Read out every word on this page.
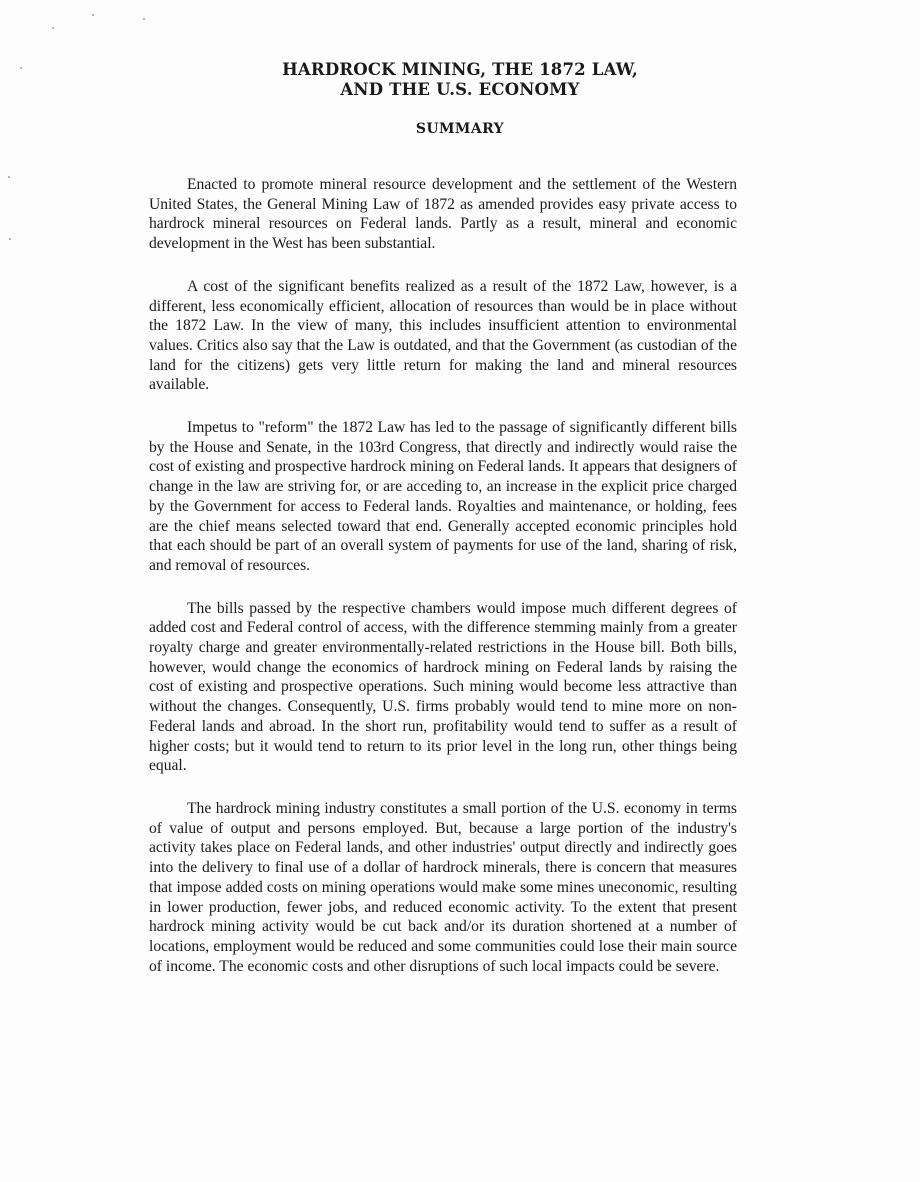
HARDROCK MINING, THE 1872 LAW,
AND THE U.S. ECONOMY
SUMMARY

Enacted to promote mineral resource development and the settlement of the Western United States, the General Mining Law of 1872 as amended provides easy private access to hardrock mineral resources on Federal lands. Partly as a result, mineral and economic development in the West has been substantial.

A cost of the significant benefits realized as a result of the 1872 Law, however, is a different, less economically efficient, allocation of resources than would be in place without the 1872 Law. In the view of many, this includes insufficient attention to environmental values. Critics also say that the Law is outdated, and that the Government (as custodian of the land for the citizens) gets very little return for making the land and mineral resources available.

Impetus to "reform" the 1872 Law has led to the passage of significantly different bills by the House and Senate, in the 103rd Congress, that directly and indirectly would raise the cost of existing and prospective hardrock mining on Federal lands. It appears that designers of change in the law are striving for, or are acceding to, an increase in the explicit price charged by the Government for access to Federal lands. Royalties and maintenance, or holding, fees are the chief means selected toward that end. Generally accepted economic principles hold that each should be part of an overall system of payments for use of the land, sharing of risk, and removal of resources.

The bills passed by the respective chambers would impose much different degrees of added cost and Federal control of access, with the difference stemming mainly from a greater royalty charge and greater environmentally-related restrictions in the House bill. Both bills, however, would change the economics of hardrock mining on Federal lands by raising the cost of existing and prospective operations. Such mining would become less attractive than without the changes. Consequently, U.S. firms probably would tend to mine more on non-Federal lands and abroad. In the short run, profitability would tend to suffer as a result of higher costs; but it would tend to return to its prior level in the long run, other things being equal.

The hardrock mining industry constitutes a small portion of the U.S. economy in terms of value of output and persons employed. But, because a large portion of the industry's activity takes place on Federal lands, and other industries' output directly and indirectly goes into the delivery to final use of a dollar of hardrock minerals, there is concern that measures that impose added costs on mining operations would make some mines uneconomic, resulting in lower production, fewer jobs, and reduced economic activity. To the extent that present hardrock mining activity would be cut back and/or its duration shortened at a number of locations, employment would be reduced and some communities could lose their main source of income. The economic costs and other disruptions of such local impacts could be severe.
